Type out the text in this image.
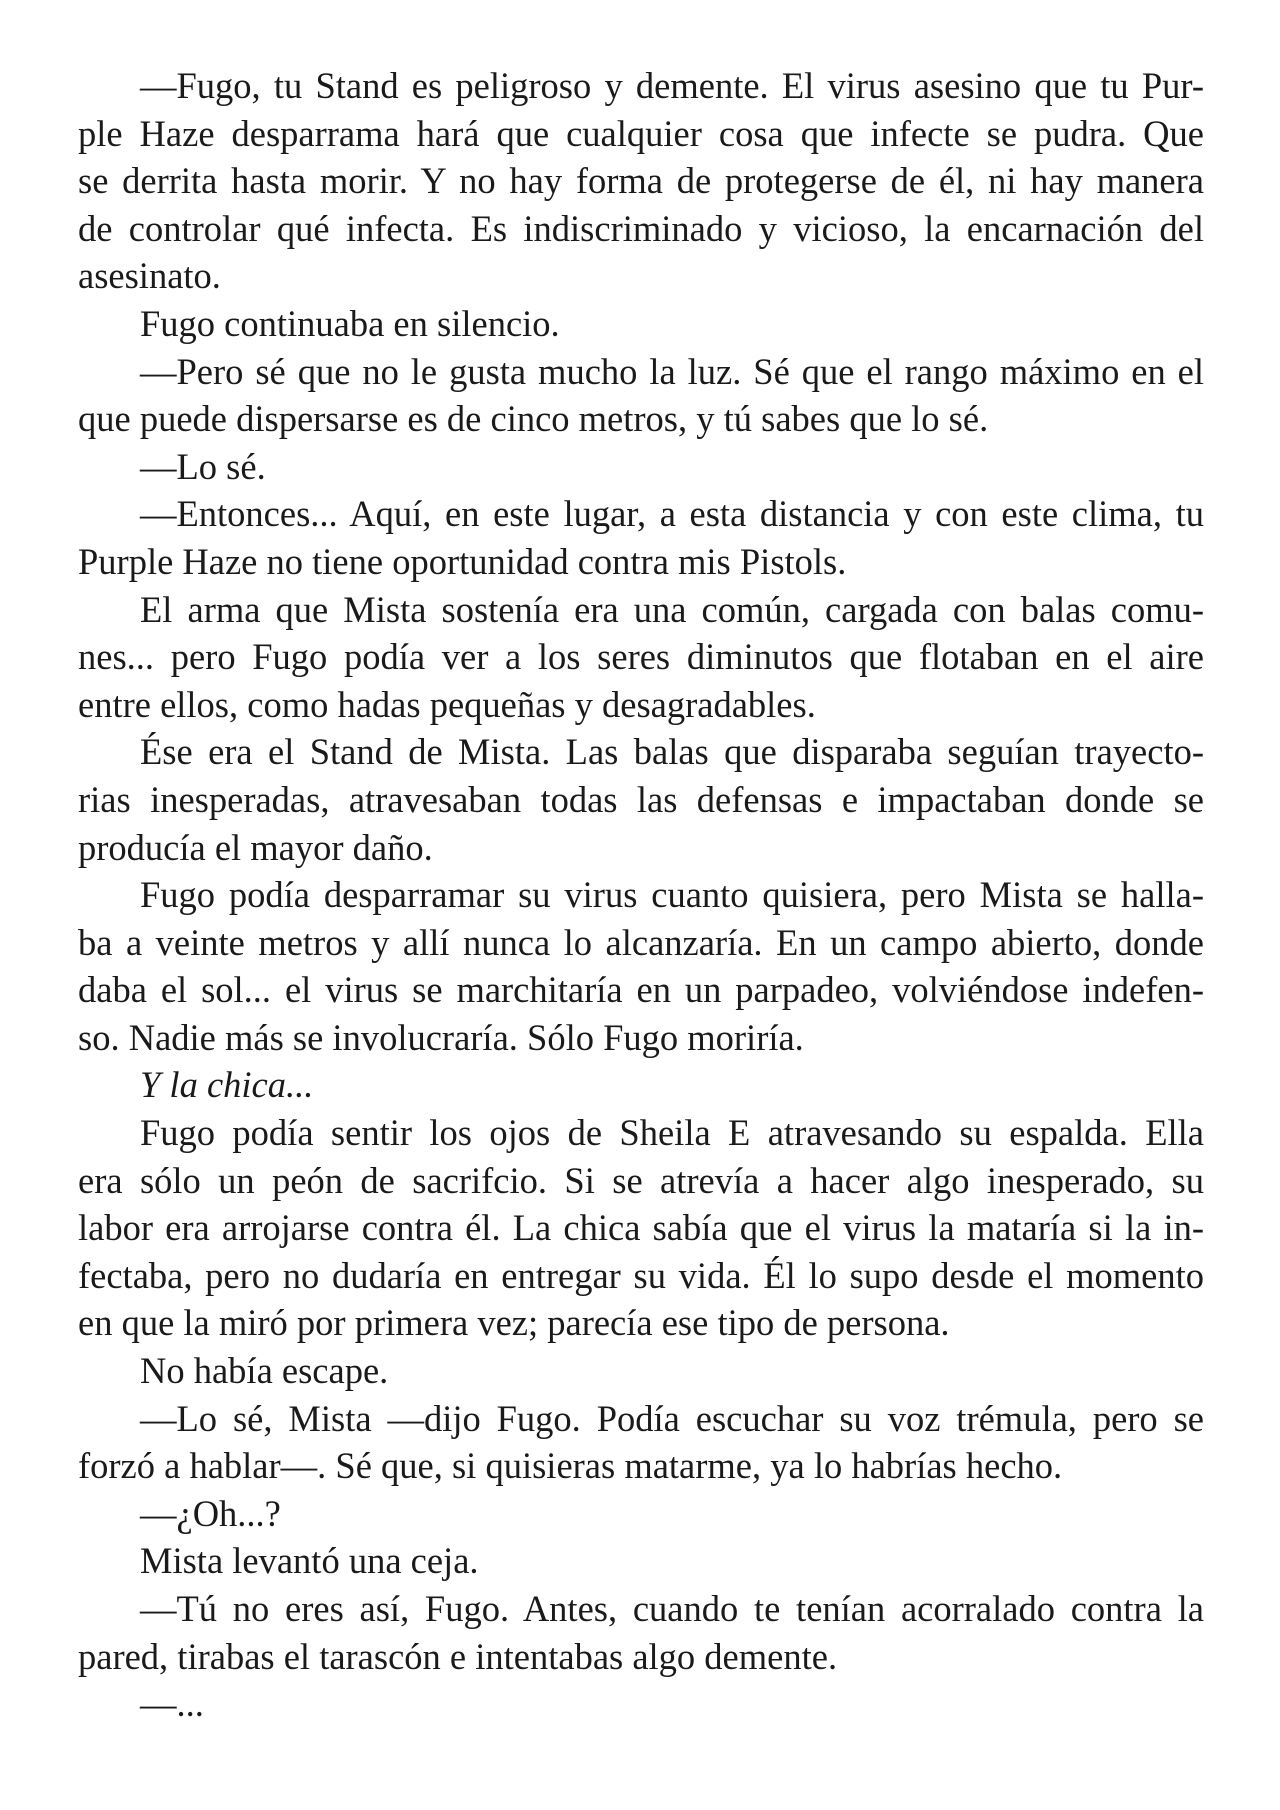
—Fugo, tu Stand es peligroso y demente. El virus asesino que tu Pur-
ple Haze desparrama hará que cualquier cosa que infecte se pudra. Que
se derrita hasta morir. Y no hay forma de protegerse de él, ni hay manera
de controlar qué infecta. Es indiscriminado y vicioso, la encarnación del
asesinato.
Fugo continuaba en silencio.
—Pero sé que no le gusta mucho la luz. Sé que el rango máximo en el
que puede dispersarse es de cinco metros, y tú sabes que lo sé.
—Lo sé.
—Entonces... Aquí, en este lugar, a esta distancia y con este clima, tu
Purple Haze no tiene oportunidad contra mis Pistols.
El arma que Mista sostenía era una común, cargada con balas comu-
nes... pero Fugo podía ver a los seres diminutos que flotaban en el aire
entre ellos, como hadas pequeñas y desagradables.
Ése era el Stand de Mista. Las balas que disparaba seguían trayecto-
rias inesperadas, atravesaban todas las defensas e impactaban donde se
producía el mayor daño.
Fugo podía desparramar su virus cuanto quisiera, pero Mista se halla-
ba a veinte metros y allí nunca lo alcanzaría. En un campo abierto, donde
daba el sol... el virus se marchitaría en un parpadeo, volviéndose indefen-
so. Nadie más se involucraría. Sólo Fugo moriría.
Y la chica...
Fugo podía sentir los ojos de Sheila E atravesando su espalda. Ella
era sólo un peón de sacrifcio. Si se atrevía a hacer algo inesperado, su
labor era arrojarse contra él. La chica sabía que el virus la mataría si la in-
fectaba, pero no dudaría en entregar su vida. Él lo supo desde el momento
en que la miró por primera vez; parecía ese tipo de persona.
No había escape.
—Lo sé, Mista —dijo Fugo. Podía escuchar su voz trémula, pero se
forzó a hablar—. Sé que, si quisieras matarme, ya lo habrías hecho.
—¿Oh...?
Mista levantó una ceja.
—Tú no eres así, Fugo. Antes, cuando te tenían acorralado contra la
pared, tirabas el tarascón e intentabas algo demente.
—...
